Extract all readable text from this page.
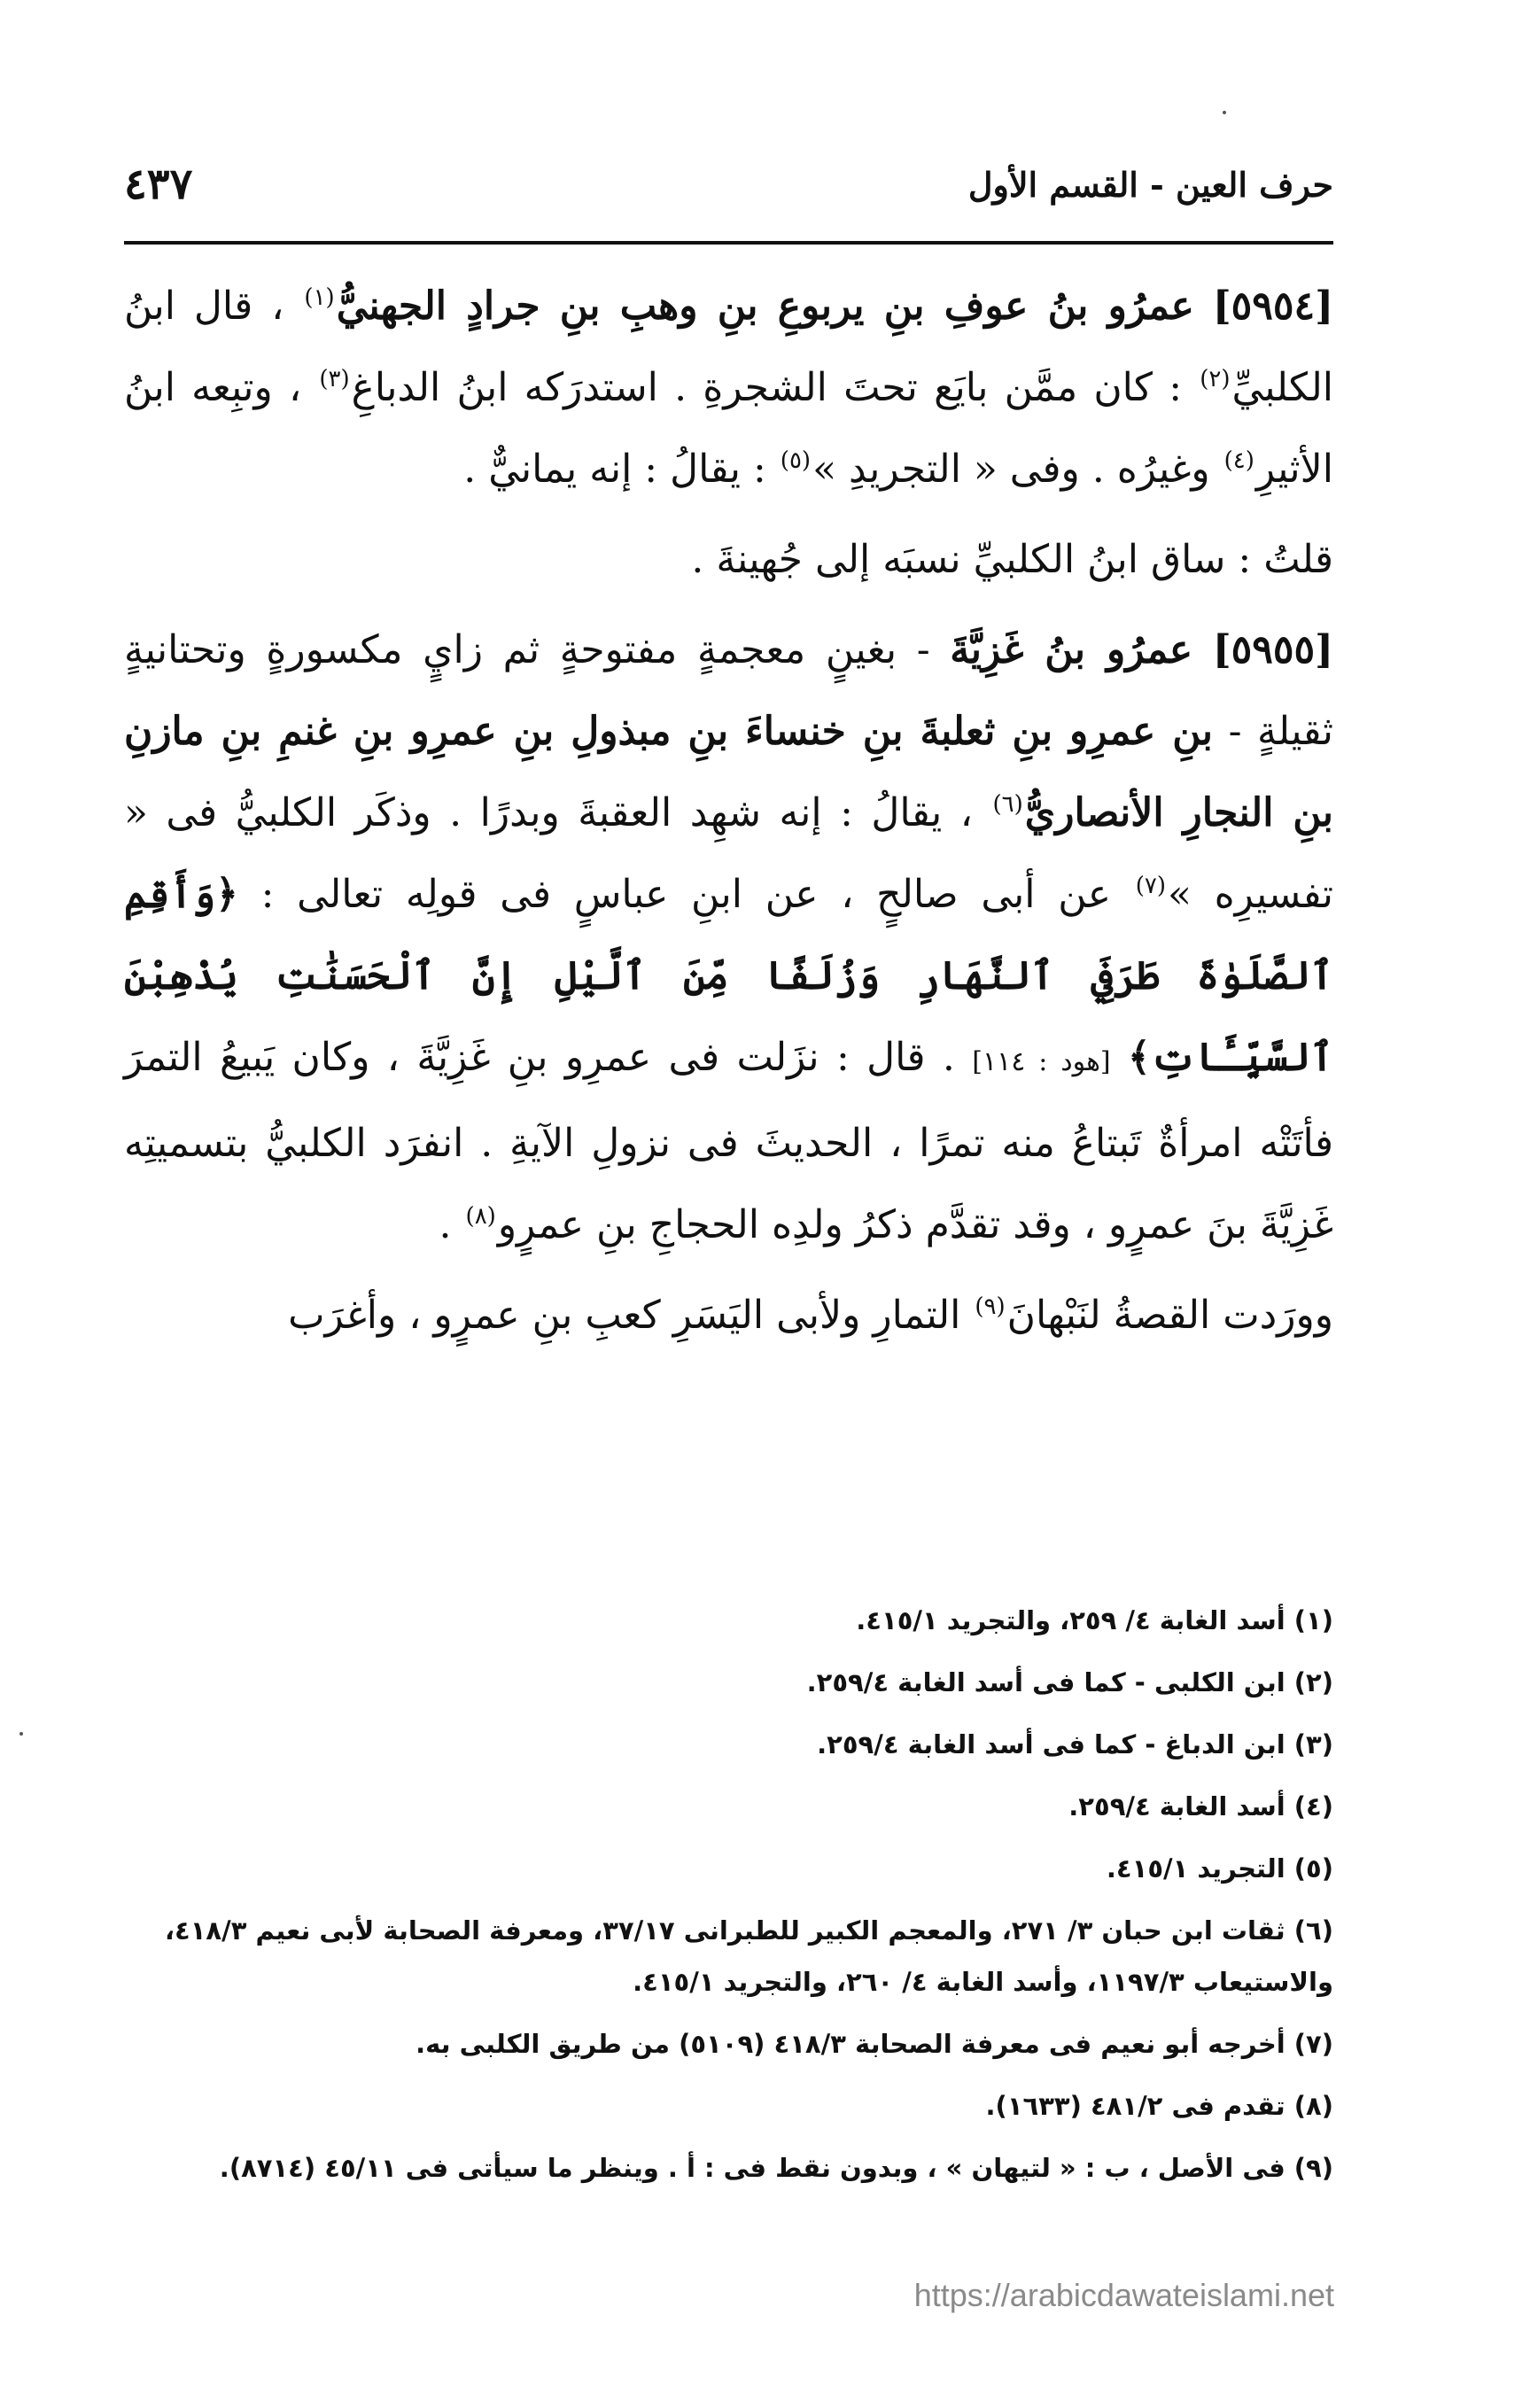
٤٣٧	حرف العين - القسم الأول

[٥٩٥٤] عمرُو بنُ عوفِ بنِ يربوعِ بنِ وهبِ بنِ جرادٍ الجهنيُّ$^{(١)}$ ، قال ابنُ الكلبيِّ$^{(٢)}$ : كان ممَّن بايَع تحتَ الشجرةِ . استدرَكه ابنُ الدباغِ$^{(٣)}$ ، وتبِعه ابنُ الأثيرِ$^{(٤)}$ وغيرُه . وفى « التجريدِ »$^{(٥)}$ : يقالُ : إنه يمانيٌّ .

قلتُ : ساق ابنُ الكلبيِّ نسبَه إلى جُهينةَ .

[٥٩٥٥] عمرُو بنُ غَزِيَّةَ - بغينٍ معجمةٍ مفتوحةٍ ثم زايٍ مكسورةٍ وتحتانيةٍ ثقيلةٍ - بنِ عمرِو بنِ ثعلبةَ بنِ خنساءَ بنِ مبذولِ بنِ عمرِو بنِ غنمِ بنِ مازنِ بنِ النجارِ الأنصاريُّ$^{(٦)}$ ، يقالُ : إنه شهِد العقبةَ وبدرًا . وذكَر الكلبيُّ فى « تفسيرِه »$^{(٧)}$ عن أبى صالحٍ ، عن ابنِ عباسٍ فى قولِه تعالى : ﴿وَأَقِمِ ٱلصَّلَوٰةَ طَرَفَيِ ٱلنَّهَارِ وَزُلَفًا مِّنَ ٱلَّيْلِ إِنَّ ٱلْحَسَنَٰتِ يُذْهِبْنَ ٱلسَّيِّـَٔاتِ﴾ [هود : ١١٤] . قال : نزَلت فى عمرِو بنِ غَزِيَّةَ ، وكان يَبيعُ التمرَ فأتَتْه امرأةٌ تَبتاعُ منه تمرًا ، الحديثَ فى نزولِ الآيةِ . انفرَد الكلبيُّ بتسميتِه غَزِيَّةَ بنَ عمرٍو ، وقد تقدَّم ذكرُ ولدِه الحجاجِ بنِ عمرٍو$^{(٨)}$ .

وورَدت القصةُ لنَبْهانَ$^{(٩)}$ التمارِ ولأبى اليَسَرِ كعبِ بنِ عمرٍو ، وأغرَب

(١) أسد الغابة ٤/ ٢٥٩، والتجريد ٤١٥/١.
(٢) ابن الكلبى - كما فى أسد الغابة ٢٥٩/٤.
(٣) ابن الدباغ - كما فى أسد الغابة ٢٥٩/٤.
(٤) أسد الغابة ٢٥٩/٤.
(٥) التجريد ٤١٥/١.
(٦) ثقات ابن حبان ٣/ ٢٧١، والمعجم الكبير للطبرانى ٣٧/١٧، ومعرفة الصحابة لأبى نعيم ٤١٨/٣، والاستيعاب ١١٩٧/٣، وأسد الغابة ٤/ ٢٦٠، والتجريد ٤١٥/١.
(٧) أخرجه أبو نعيم فى معرفة الصحابة ٤١٨/٣ (٥١٠٩) من طريق الكلبى به.
(٨) تقدم فى ٤٨١/٢ (١٦٣٣).
(٩) فى الأصل ، ب : « لتيهان » ، وبدون نقط فى : أ . وينظر ما سيأتى فى ٤٥/١١ (٨٧١٤).
https://arabicdawateislami.net
